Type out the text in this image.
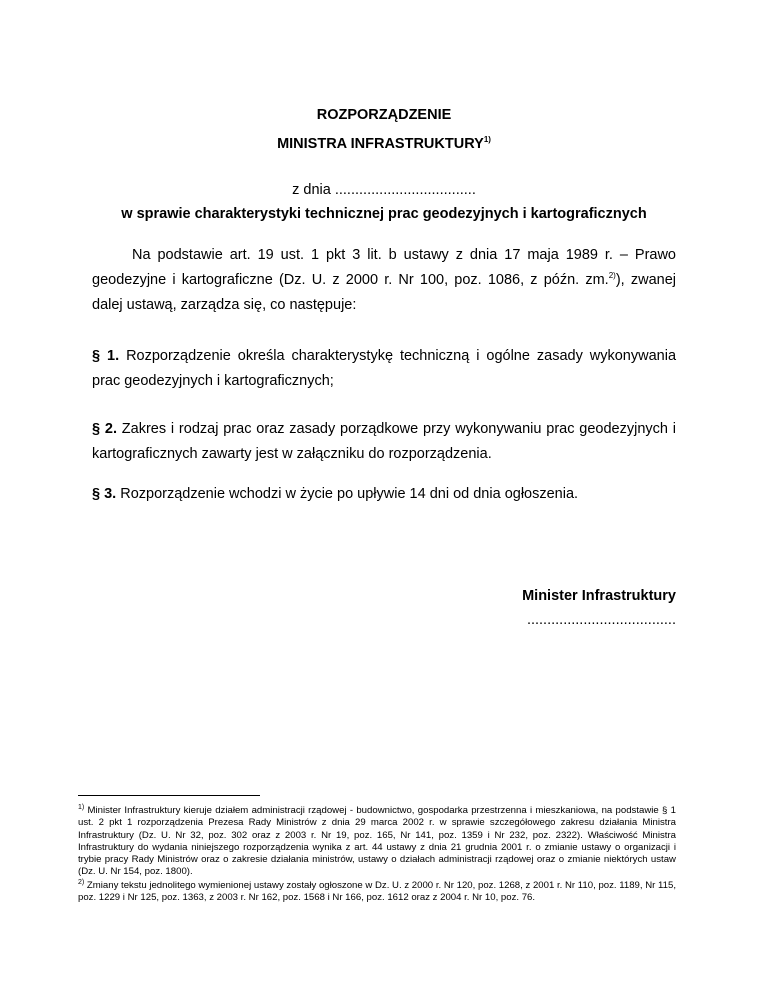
ROZPORZĄDZENIE
MINISTRA INFRASTRUKTURY$^{1)}$
z dnia ...................................
w sprawie charakterystyki technicznej prac geodezyjnych i kartograficznych
Na podstawie art. 19 ust. 1 pkt 3 lit. b ustawy z dnia 17 maja 1989 r. – Prawo geodezyjne i kartograficzne (Dz. U. z 2000 r. Nr 100, poz. 1086, z późn. zm.$^{2)}$), zwanej dalej ustawą, zarządza się, co następuje:
§ 1. Rozporządzenie określa charakterystykę techniczną i ogólne zasady wykonywania prac geodezyjnych i kartograficznych;
§ 2. Zakres i rodzaj prac oraz zasady porządkowe przy wykonywaniu prac geodezyjnych i kartograficznych zawarty jest w załączniku do rozporządzenia.
§ 3. Rozporządzenie wchodzi w życie po upływie 14 dni od dnia ogłoszenia.
Minister Infrastruktury
.....................................
$^{1)}$ Minister Infrastruktury kieruje działem administracji rządowej - budownictwo, gospodarka przestrzenna i mieszkaniowa, na podstawie § 1 ust. 2 pkt 1 rozporządzenia Prezesa Rady Ministrów z dnia 29 marca 2002 r. w sprawie szczegółowego zakresu działania Ministra Infrastruktury (Dz. U. Nr 32, poz. 302 oraz z 2003 r. Nr 19, poz. 165, Nr 141, poz. 1359 i Nr 232, poz. 2322). Właściwość Ministra Infrastruktury do wydania niniejszego rozporządzenia wynika z art. 44 ustawy z dnia 21 grudnia 2001 r. o zmianie ustawy o organizacji i trybie pracy Rady Ministrów oraz o zakresie działania ministrów, ustawy o działach administracji rządowej oraz o zmianie niektórych ustaw (Dz. U. Nr 154, poz. 1800).
$^{2)}$ Zmiany tekstu jednolitego wymienionej ustawy zostały ogłoszone w Dz. U. z 2000 r. Nr 120, poz. 1268, z 2001 r. Nr 110, poz. 1189, Nr 115, poz. 1229 i Nr 125, poz. 1363, z 2003 r. Nr 162, poz. 1568 i Nr 166, poz. 1612 oraz z 2004 r. Nr 10, poz. 76.
